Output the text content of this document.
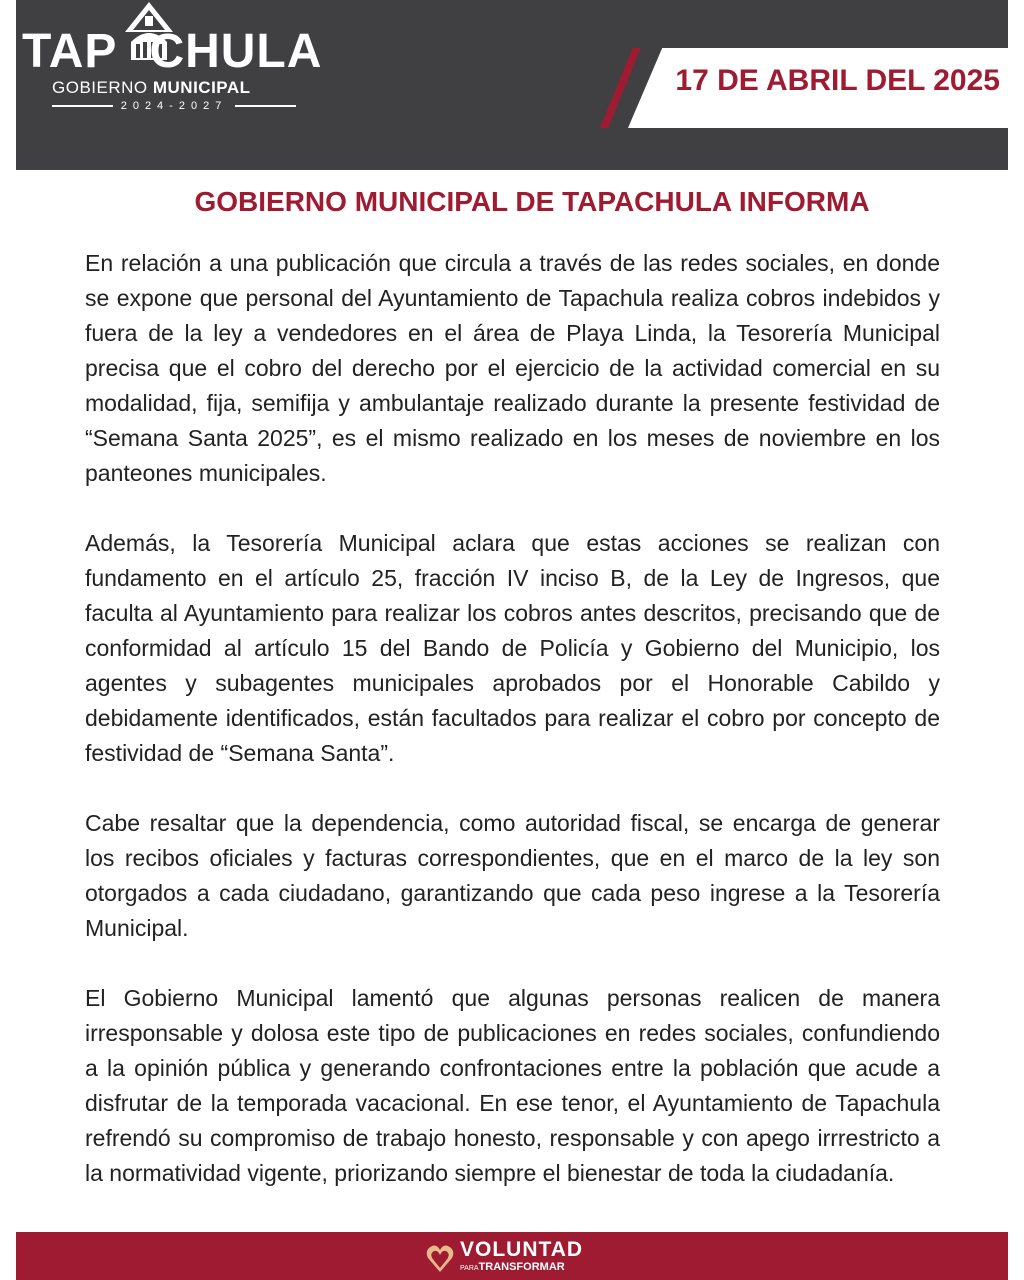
TAP CHULA
GOBIERNO MUNICIPAL
2024-2027
17 DE ABRIL DEL 2025
GOBIERNO MUNICIPAL DE TAPACHULA INFORMA

En relación a una publicación que circula a través de las redes sociales, en donde se expone que personal del Ayuntamiento de Tapachula realiza cobros indebidos y fuera de la ley a vendedores en el área de Playa Linda, la Tesorería Municipal precisa que el cobro del derecho por el ejercicio de la actividad comercial en su modalidad, fija, semifija y ambulantaje realizado durante la presente festividad de “Semana Santa 2025”, es el mismo realizado en los meses de noviembre en los panteones municipales.

Además, la Tesorería Municipal aclara que estas acciones se realizan con fundamento en el artículo 25, fracción IV inciso B, de la Ley de Ingresos, que faculta al Ayuntamiento para realizar los cobros antes descritos, precisando que de conformidad al artículo 15 del Bando de Policía y Gobierno del Municipio, los agentes y subagentes municipales aprobados por el Honorable Cabildo y debidamente identificados, están facultados para realizar el cobro por concepto de festividad de “Semana Santa”.

Cabe resaltar que la dependencia, como autoridad fiscal, se encarga de generar los recibos oficiales y facturas correspondientes, que en el marco de la ley son otorgados a cada ciudadano, garantizando que cada peso ingrese a la Tesorería Municipal.

El Gobierno Municipal lamentó que algunas personas realicen de manera irresponsable y dolosa este tipo de publicaciones en redes sociales, confundiendo a la opinión pública y generando confrontaciones entre la población que acude a disfrutar de la temporada vacacional. En ese tenor, el Ayuntamiento de Tapachula refrendó su compromiso de trabajo honesto, responsable y con apego irrrestricto a la normatividad vigente, priorizando siempre el bienestar de toda la ciudadanía.

VOLUNTAD
PARATRANSFORMAR
